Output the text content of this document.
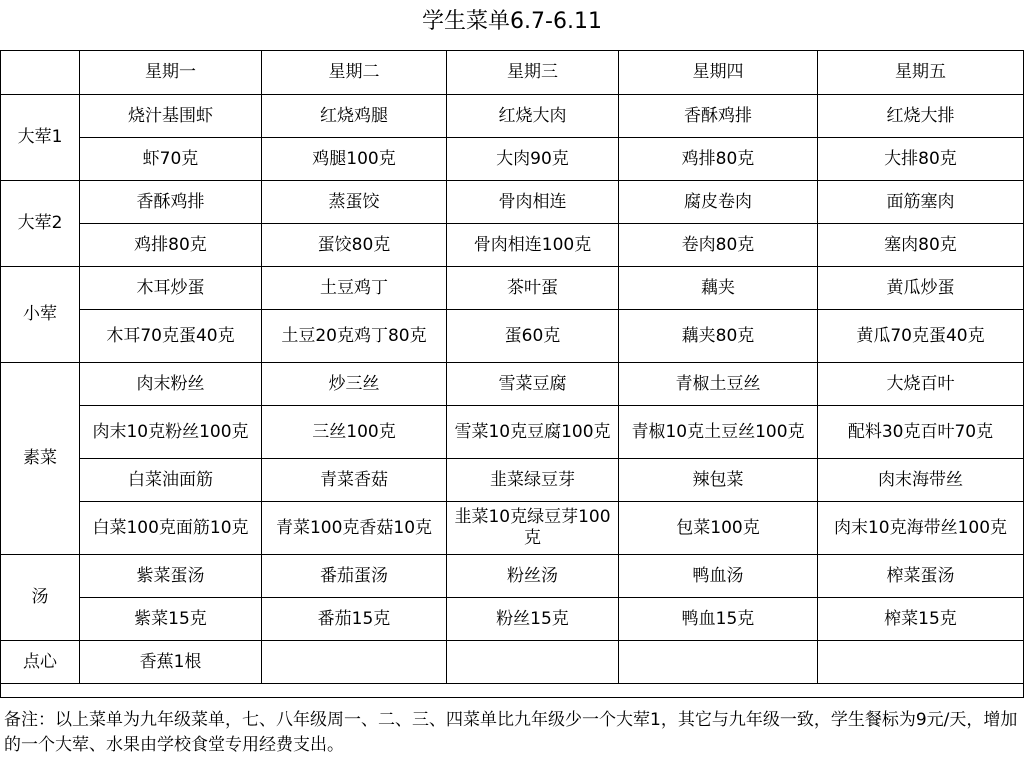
学生菜单6.7-6.11
	星期一	星期二	星期三	星期四	星期五
大荤1	烧汁基围虾	红烧鸡腿	红烧大肉	香酥鸡排	红烧大排
	虾70克	鸡腿100克	大肉90克	鸡排80克	大排80克
大荤2	香酥鸡排	蒸蛋饺	骨肉相连	腐皮卷肉	面筋塞肉
	鸡排80克	蛋饺80克	骨肉相连100克	卷肉80克	塞肉80克
小荤	木耳炒蛋	土豆鸡丁	茶叶蛋	藕夹	黄瓜炒蛋
	木耳70克蛋40克	土豆20克鸡丁80克	蛋60克	藕夹80克	黄瓜70克蛋40克
素菜	肉末粉丝	炒三丝	雪菜豆腐	青椒土豆丝	大烧百叶
	肉末10克粉丝100克	三丝100克	雪菜10克豆腐100克	青椒10克土豆丝100克	配料30克百叶70克
	白菜油面筋	青菜香菇	韭菜绿豆芽	辣包菜	肉末海带丝
	白菜100克面筋10克	青菜100克香菇10克	韭菜10克绿豆芽100克	包菜100克	肉末10克海带丝100克
汤	紫菜蛋汤	番茄蛋汤	粉丝汤	鸭血汤	榨菜蛋汤
	紫菜15克	番茄15克	粉丝15克	鸭血15克	榨菜15克
点心	香蕉1根				

备注：以上菜单为九年级菜单，七、八年级周一、二、三、四菜单比九年级少一个大荤1，其它与九年级一致，学生餐标为9元/天，增加的一个大荤、水果由学校食堂专用经费支出。
